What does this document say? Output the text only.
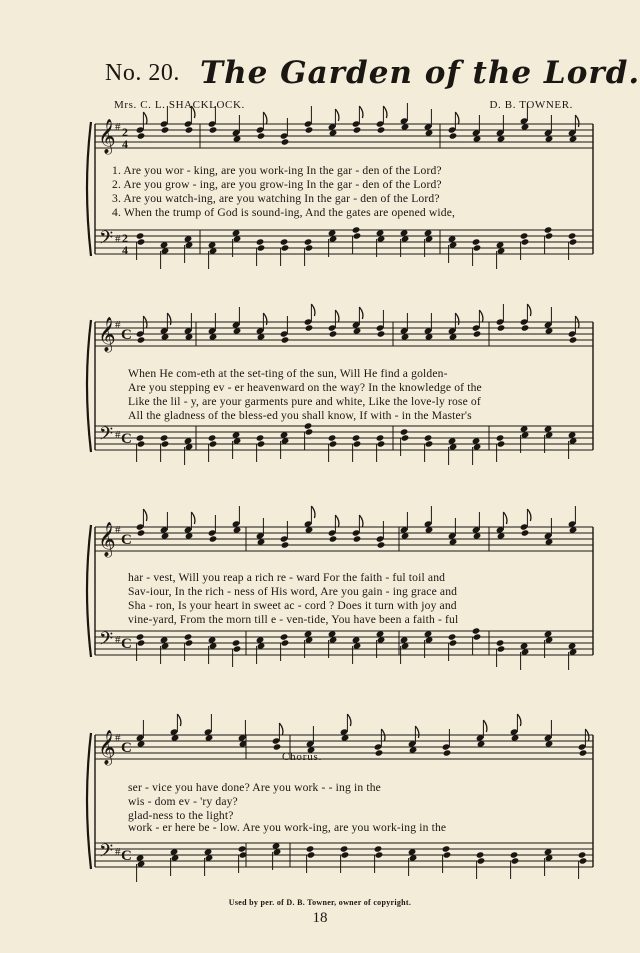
No. 20. The Garden of the Lord.
Mrs. C. L. SHACKLOCK.	D. B. TOWNER.
𝄞
𝄢
#
#
2
4
2
4
𝄞
𝄢
#
#
C
C
𝄞
𝄢
#
#
C
C
𝄞
𝄢
#
#
C
C
1. Are you wor - king, are you work-ing In the gar - den of the Lord?
2. Are you grow - ing, are you grow-ing In the gar - den of the Lord?
3. Are you watch-ing, are you watching In the gar - den of the Lord?
4. When the trump of God is sound-ing, And the gates are opened wide,
When He com-eth at the set-ting of the sun, Will He find a golden-
Are you stepping ev - er heavenward on the way? In the knowledge of the
Like the lil - y, are your garments pure and white, Like the love-ly rose of
All the gladness of the bless-ed you shall know, If with - in the Master's
har - vest, Will you reap a rich re - ward For the faith - ful toil and
Sav-iour, In the rich - ness of His word, Are you gain - ing grace and
Sha - ron, Is your heart in sweet ac - cord ? Does it turn with joy and
vine-yard, From the morn till e - ven-tide, You have been a faith - ful
Chorus.
ser - vice you have done? Are you work - - ing in the
wis - dom ev - 'ry day?
glad-ness to the light?
work - er here be - low. Are you work-ing, are you work-ing in the
Used by per. of D. B. Towner, owner of copyright.
18
